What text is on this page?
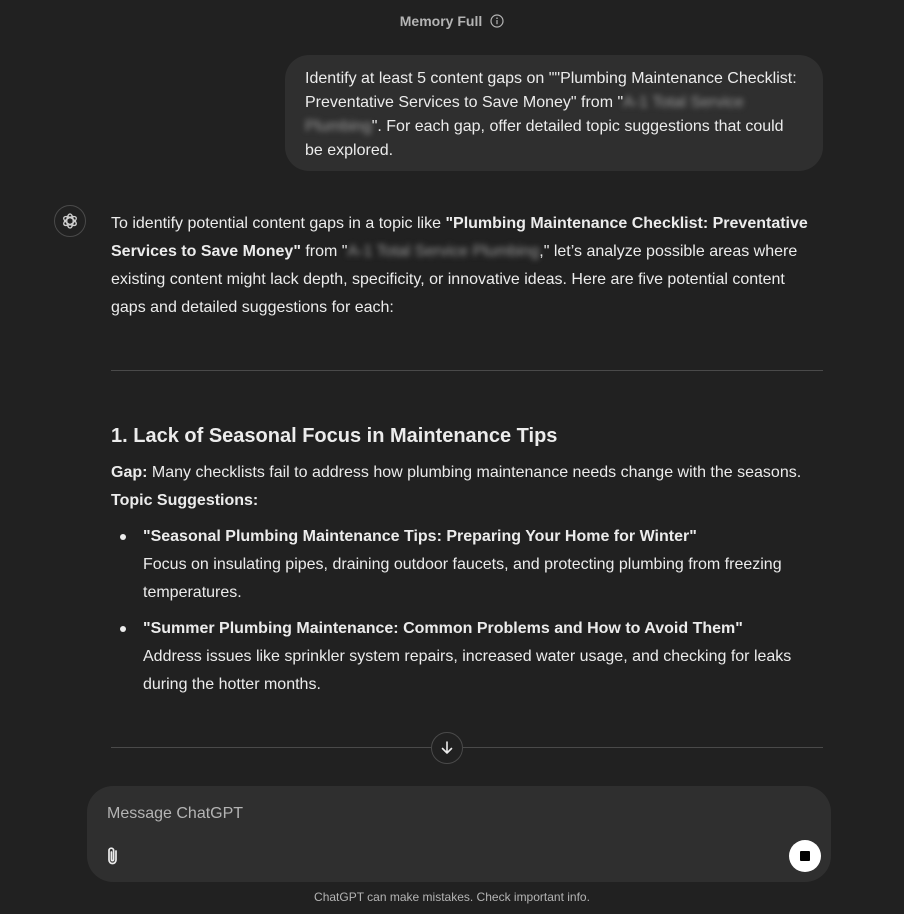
Memory Full
Identify at least 5 content gaps on ""Plumbing Maintenance Checklist: Preventative Services to Save Money" from "A-1 Total Service Plumbing". For each gap, offer detailed topic suggestions that could be explored.

To identify potential content gaps in a topic like "Plumbing Maintenance Checklist: Preventative Services to Save Money" from "A-1 Total Service Plumbing," let’s analyze possible areas where existing content might lack depth, specificity, or innovative ideas. Here are five potential content gaps and detailed suggestions for each:

1. Lack of Seasonal Focus in Maintenance Tips
Gap: Many checklists fail to address how plumbing maintenance needs change with the seasons.
Topic Suggestions:
"Seasonal Plumbing Maintenance Tips: Preparing Your Home for Winter"
Focus on insulating pipes, draining outdoor faucets, and protecting plumbing from freezing temperatures.
"Summer Plumbing Maintenance: Common Problems and How to Avoid Them"
Address issues like sprinkler system repairs, increased water usage, and checking for leaks during the hotter months.
Message ChatGPT
ChatGPT can make mistakes. Check important info.
